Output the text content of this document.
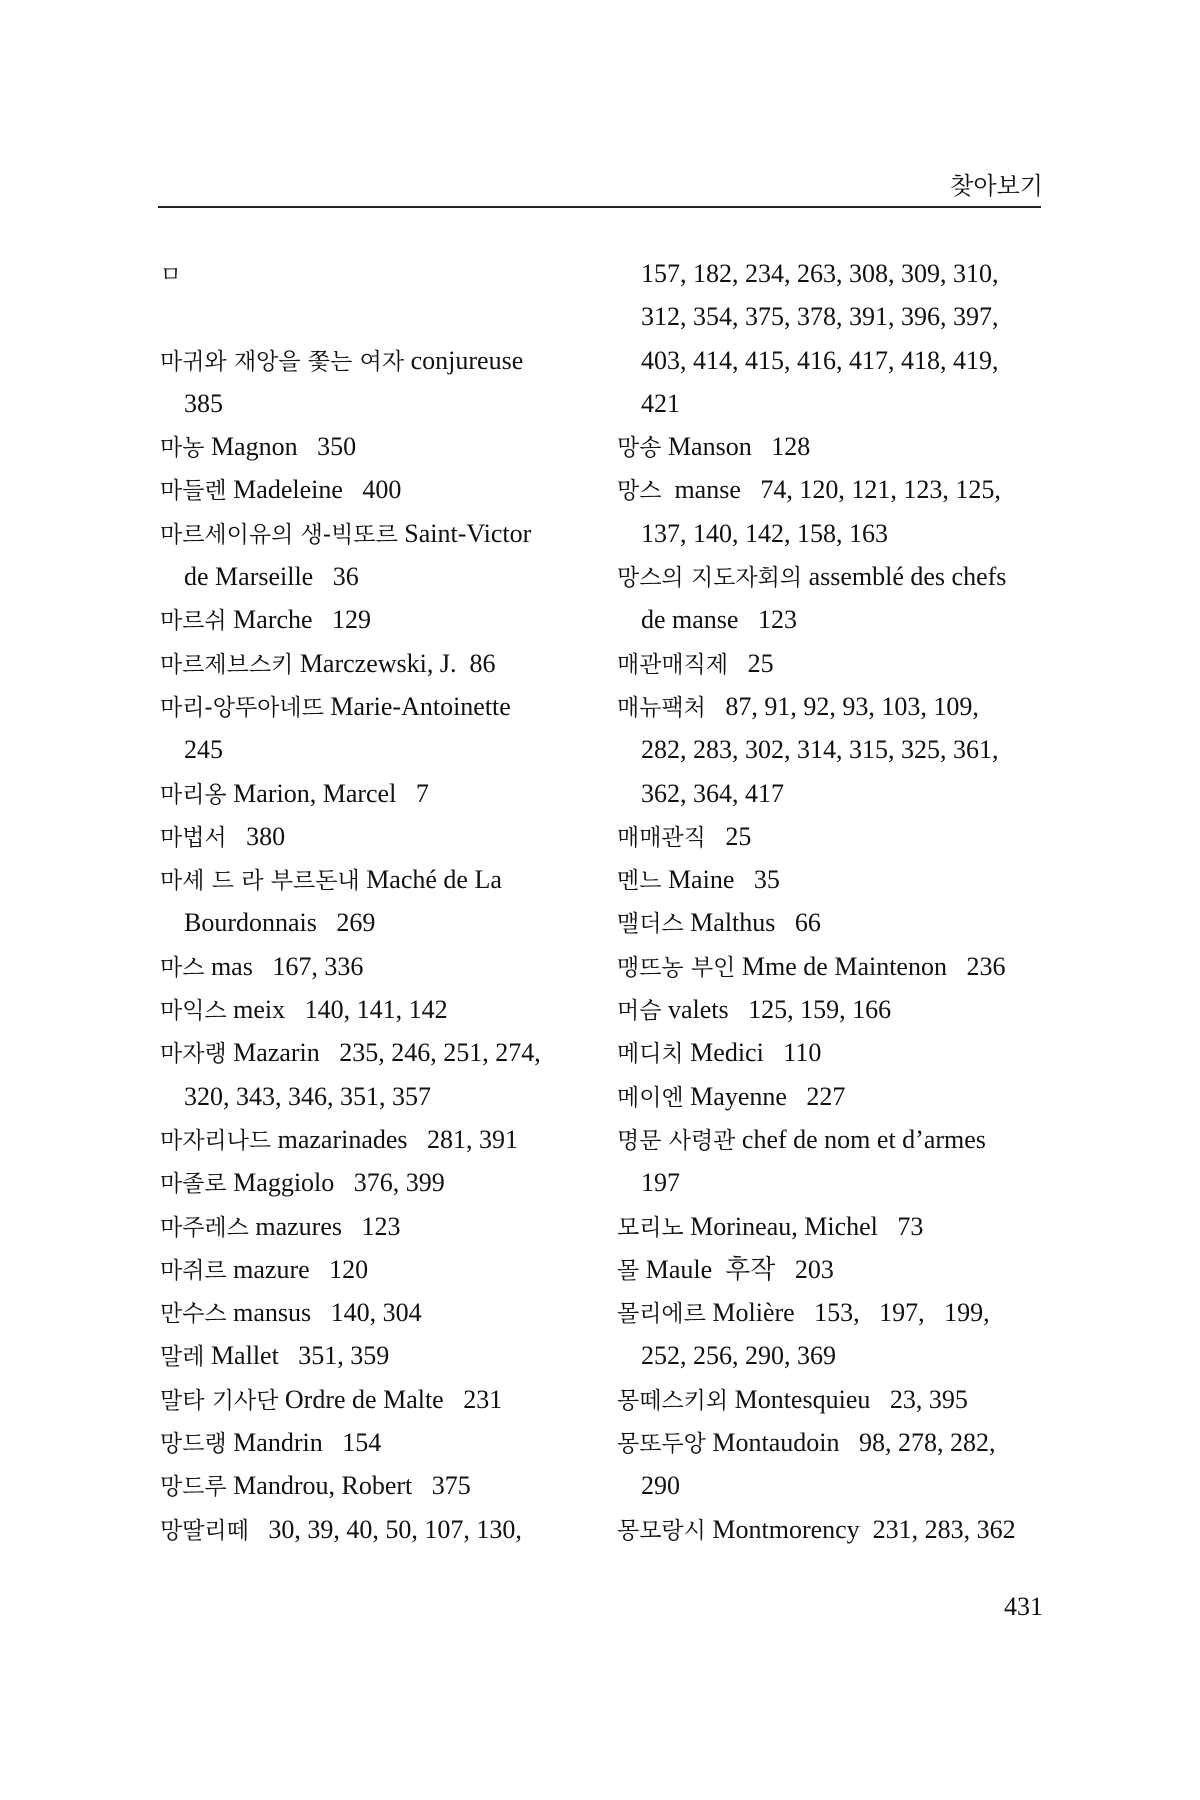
찾아보기
ㅁ
마귀와 재앙을 쫓는 여자 conjureuse
385
마농 Magnon   350
마들렌 Madeleine   400
마르세이유의 생-빅또르 Saint-Victor
de Marseille   36
마르쉬 Marche   129
마르제브스키 Marczewski, J.  86
마리-앙뚜아네뜨 Marie-Antoinette
245
마리옹 Marion, Marcel   7
마법서   380
마셰 드 라 부르돈내 Maché de La
Bourdonnais   269
마스 mas   167, 336
마익스 meix   140, 141, 142
마자랭 Mazarin   235, 246, 251, 274,
320, 343, 346, 351, 357
마자리나드 mazarinades   281, 391
마졸로 Maggiolo   376, 399
마주레스 mazures   123
마쥐르 mazure   120
만수스 mansus   140, 304
말레 Mallet   351, 359
말타 기사단 Ordre de Malte   231
망드랭 Mandrin   154
망드루 Mandrou, Robert   375
망딸리떼   30, 39, 40, 50, 107, 130,
157, 182, 234, 263, 308, 309, 310,
312, 354, 375, 378, 391, 396, 397,
403, 414, 415, 416, 417, 418, 419,
421
망송 Manson   128
망스  manse   74, 120, 121, 123, 125,
137, 140, 142, 158, 163
망스의 지도자회의 assemblé des chefs
de manse   123
매관매직제   25
매뉴팩처   87, 91, 92, 93, 103, 109,
282, 283, 302, 314, 315, 325, 361,
362, 364, 417
매매관직   25
멘느 Maine   35
맬더스 Malthus   66
맹뜨농 부인 Mme de Maintenon   236
머슴 valets   125, 159, 166
메디치 Medici   110
메이엔 Mayenne   227
명문 사령관 chef de nom et d’armes
197
모리노 Morineau, Michel   73
몰 Maule  후작   203
몰리에르 Molière   153,   197,   199,
252, 256, 290, 369
몽떼스키외 Montesquieu   23, 395
몽또두앙 Montaudoin   98, 278, 282,
290
몽모랑시 Montmorency  231, 283, 362
431
